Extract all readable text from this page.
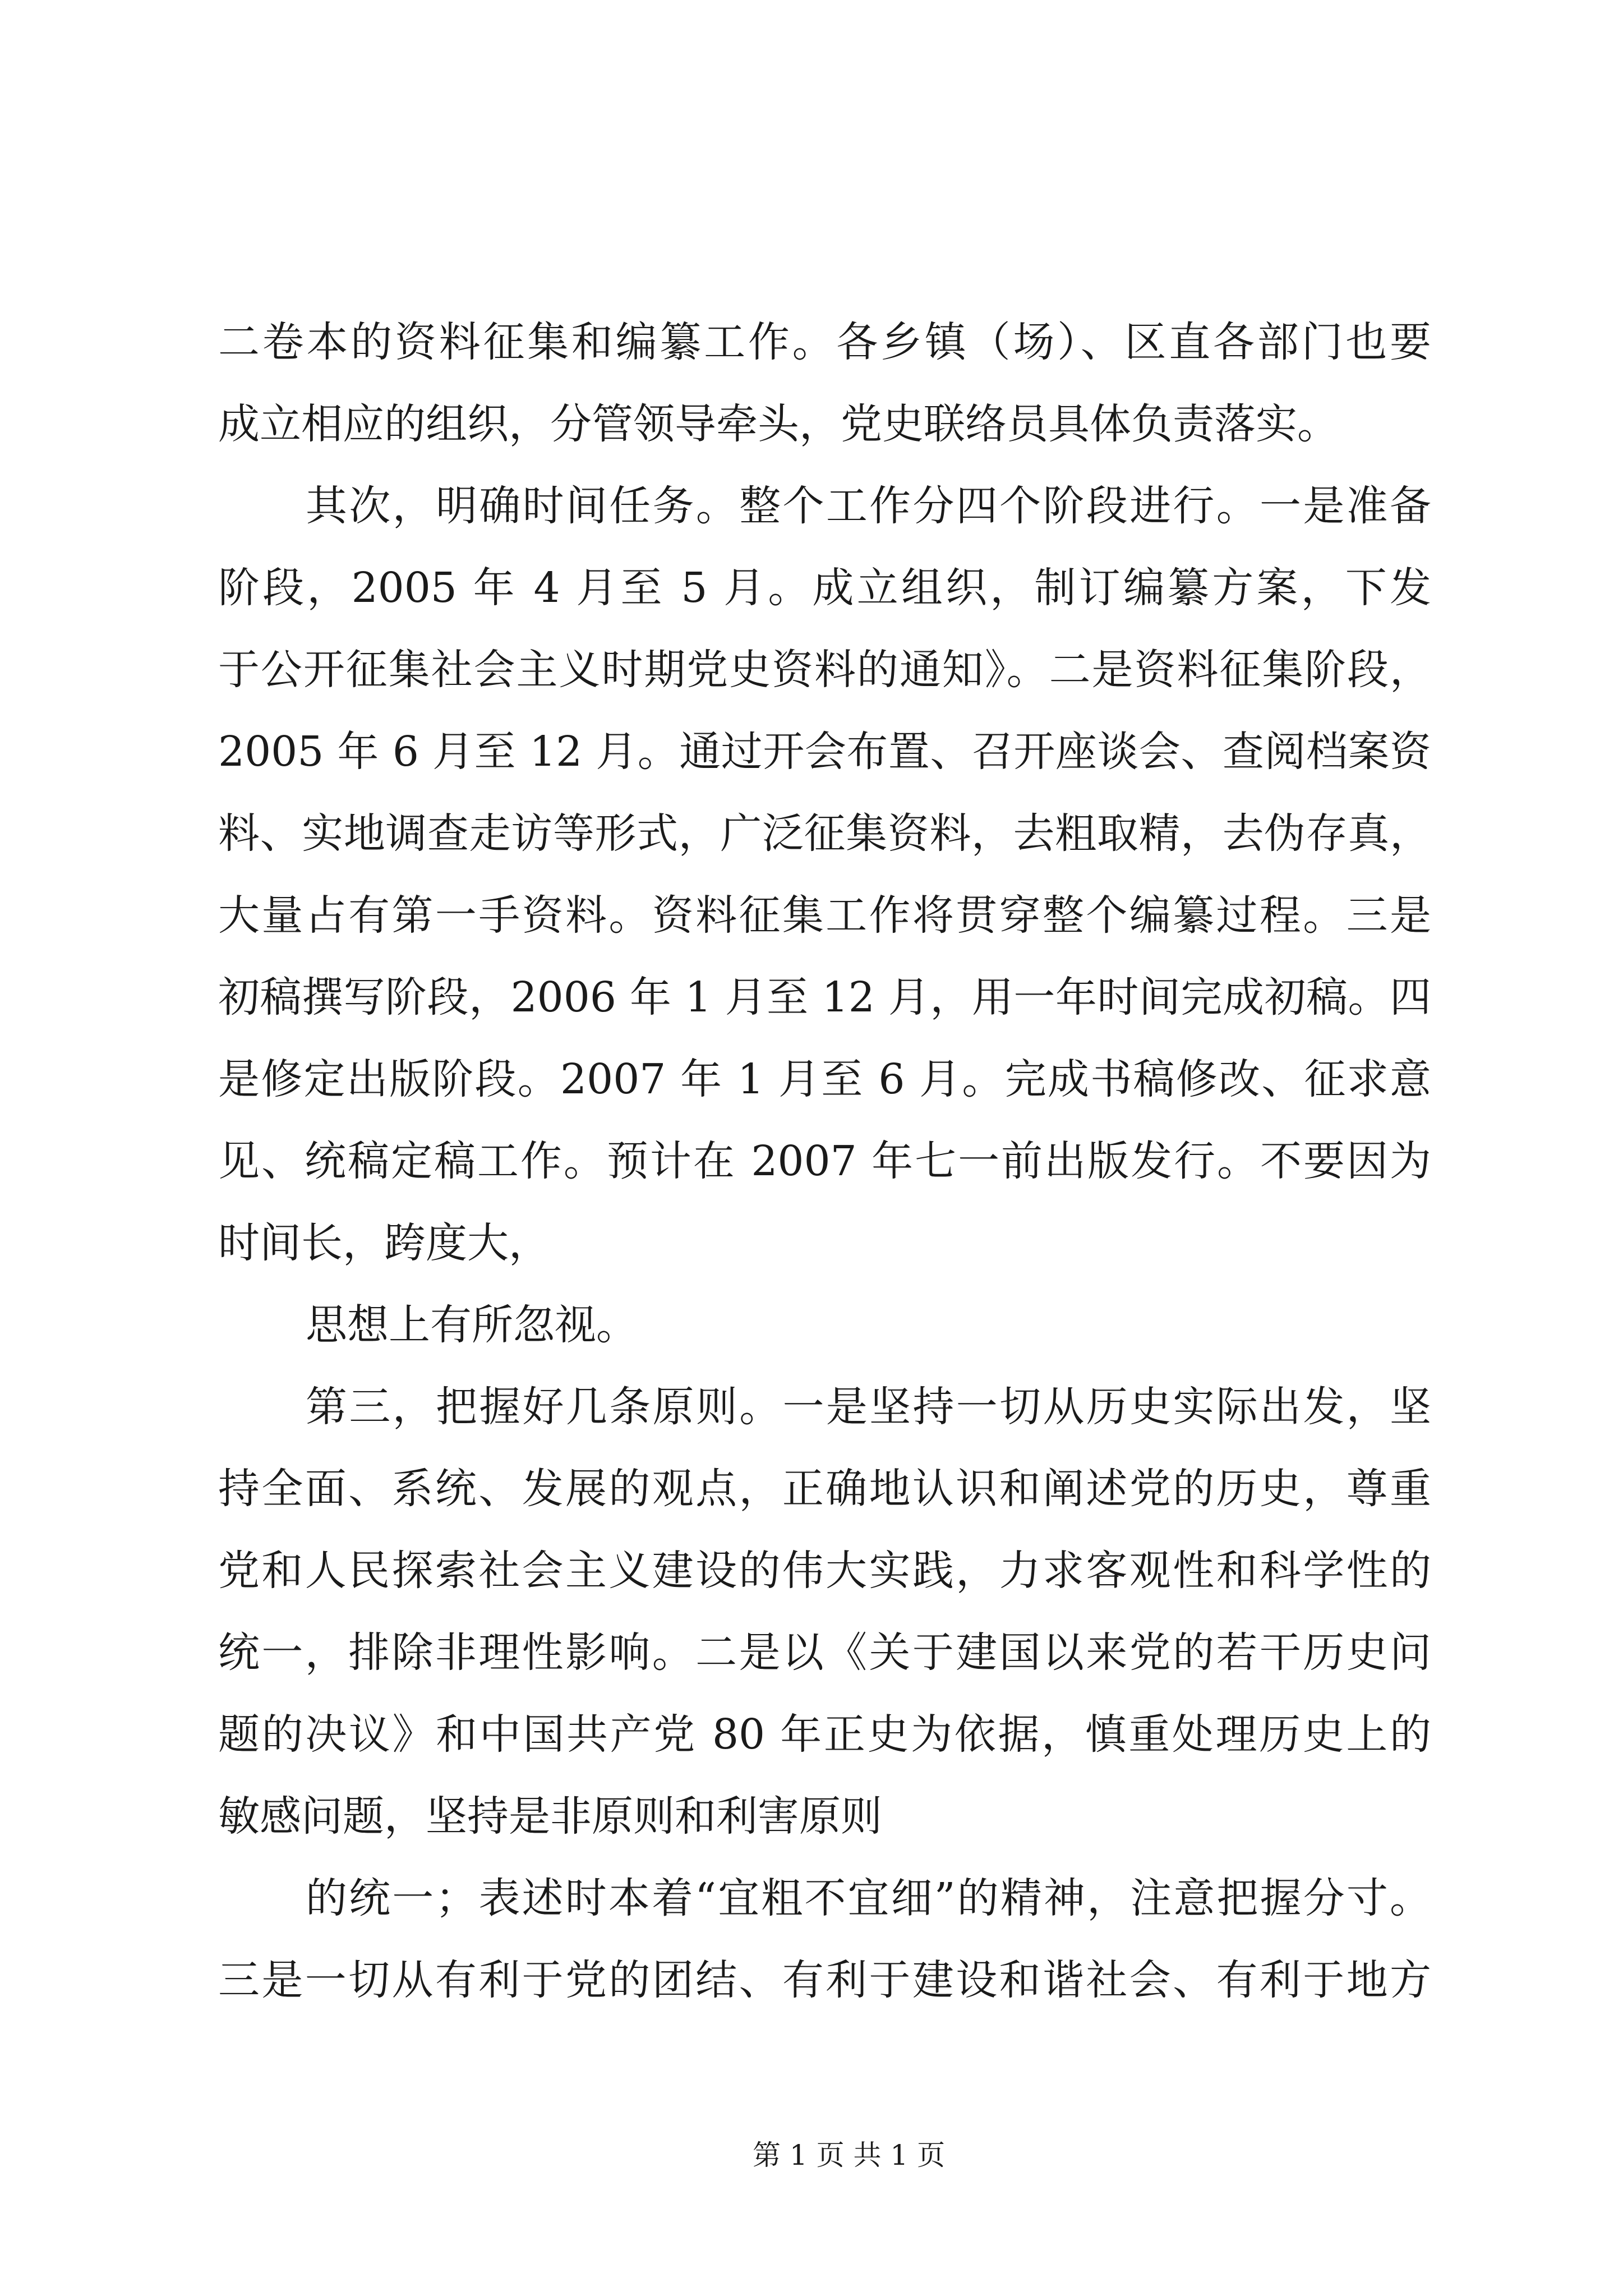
二卷本的资料征集和编纂工作。各乡镇（场）、区直各部门也要
成立相应的组织，分管领导牵头，党史联络员具体负责落实。
其次，明确时间任务。整个工作分四个阶段进行。一是准备
阶段，2005 年 4 月至 5 月。成立组织，制订编纂方案，下发
于公开征集社会主义时期党史资料的通知》。二是资料征集阶段，
2005 年 6 月至 12 月。通过开会布置、召开座谈会、查阅档案资
料、实地调查走访等形式，广泛征集资料，去粗取精，去伪存真，
大量占有第一手资料。资料征集工作将贯穿整个编纂过程。三是
初稿撰写阶段，2006 年 1 月至 12 月，用一年时间完成初稿。四
是修定出版阶段。2007 年 1 月至 6 月。完成书稿修改、征求意
见、统稿定稿工作。预计在 2007 年七一前出版发行。不要因为
时间长，跨度大，
思想上有所忽视。
第三，把握好几条原则。一是坚持一切从历史实际出发，坚
持全面、系统、发展的观点，正确地认识和阐述党的历史，尊重
党和人民探索社会主义建设的伟大实践，力求客观性和科学性的
统一，排除非理性影响。二是以《关于建国以来党的若干历史问
题的决议》和中国共产党 80 年正史为依据，慎重处理历史上的
敏感问题，坚持是非原则和利害原则
的统一；表述时本着“宜粗不宜细”的精神，注意把握分寸。
三是一切从有利于党的团结、有利于建设和谐社会、有利于地方
第 1 页 共 1 页
